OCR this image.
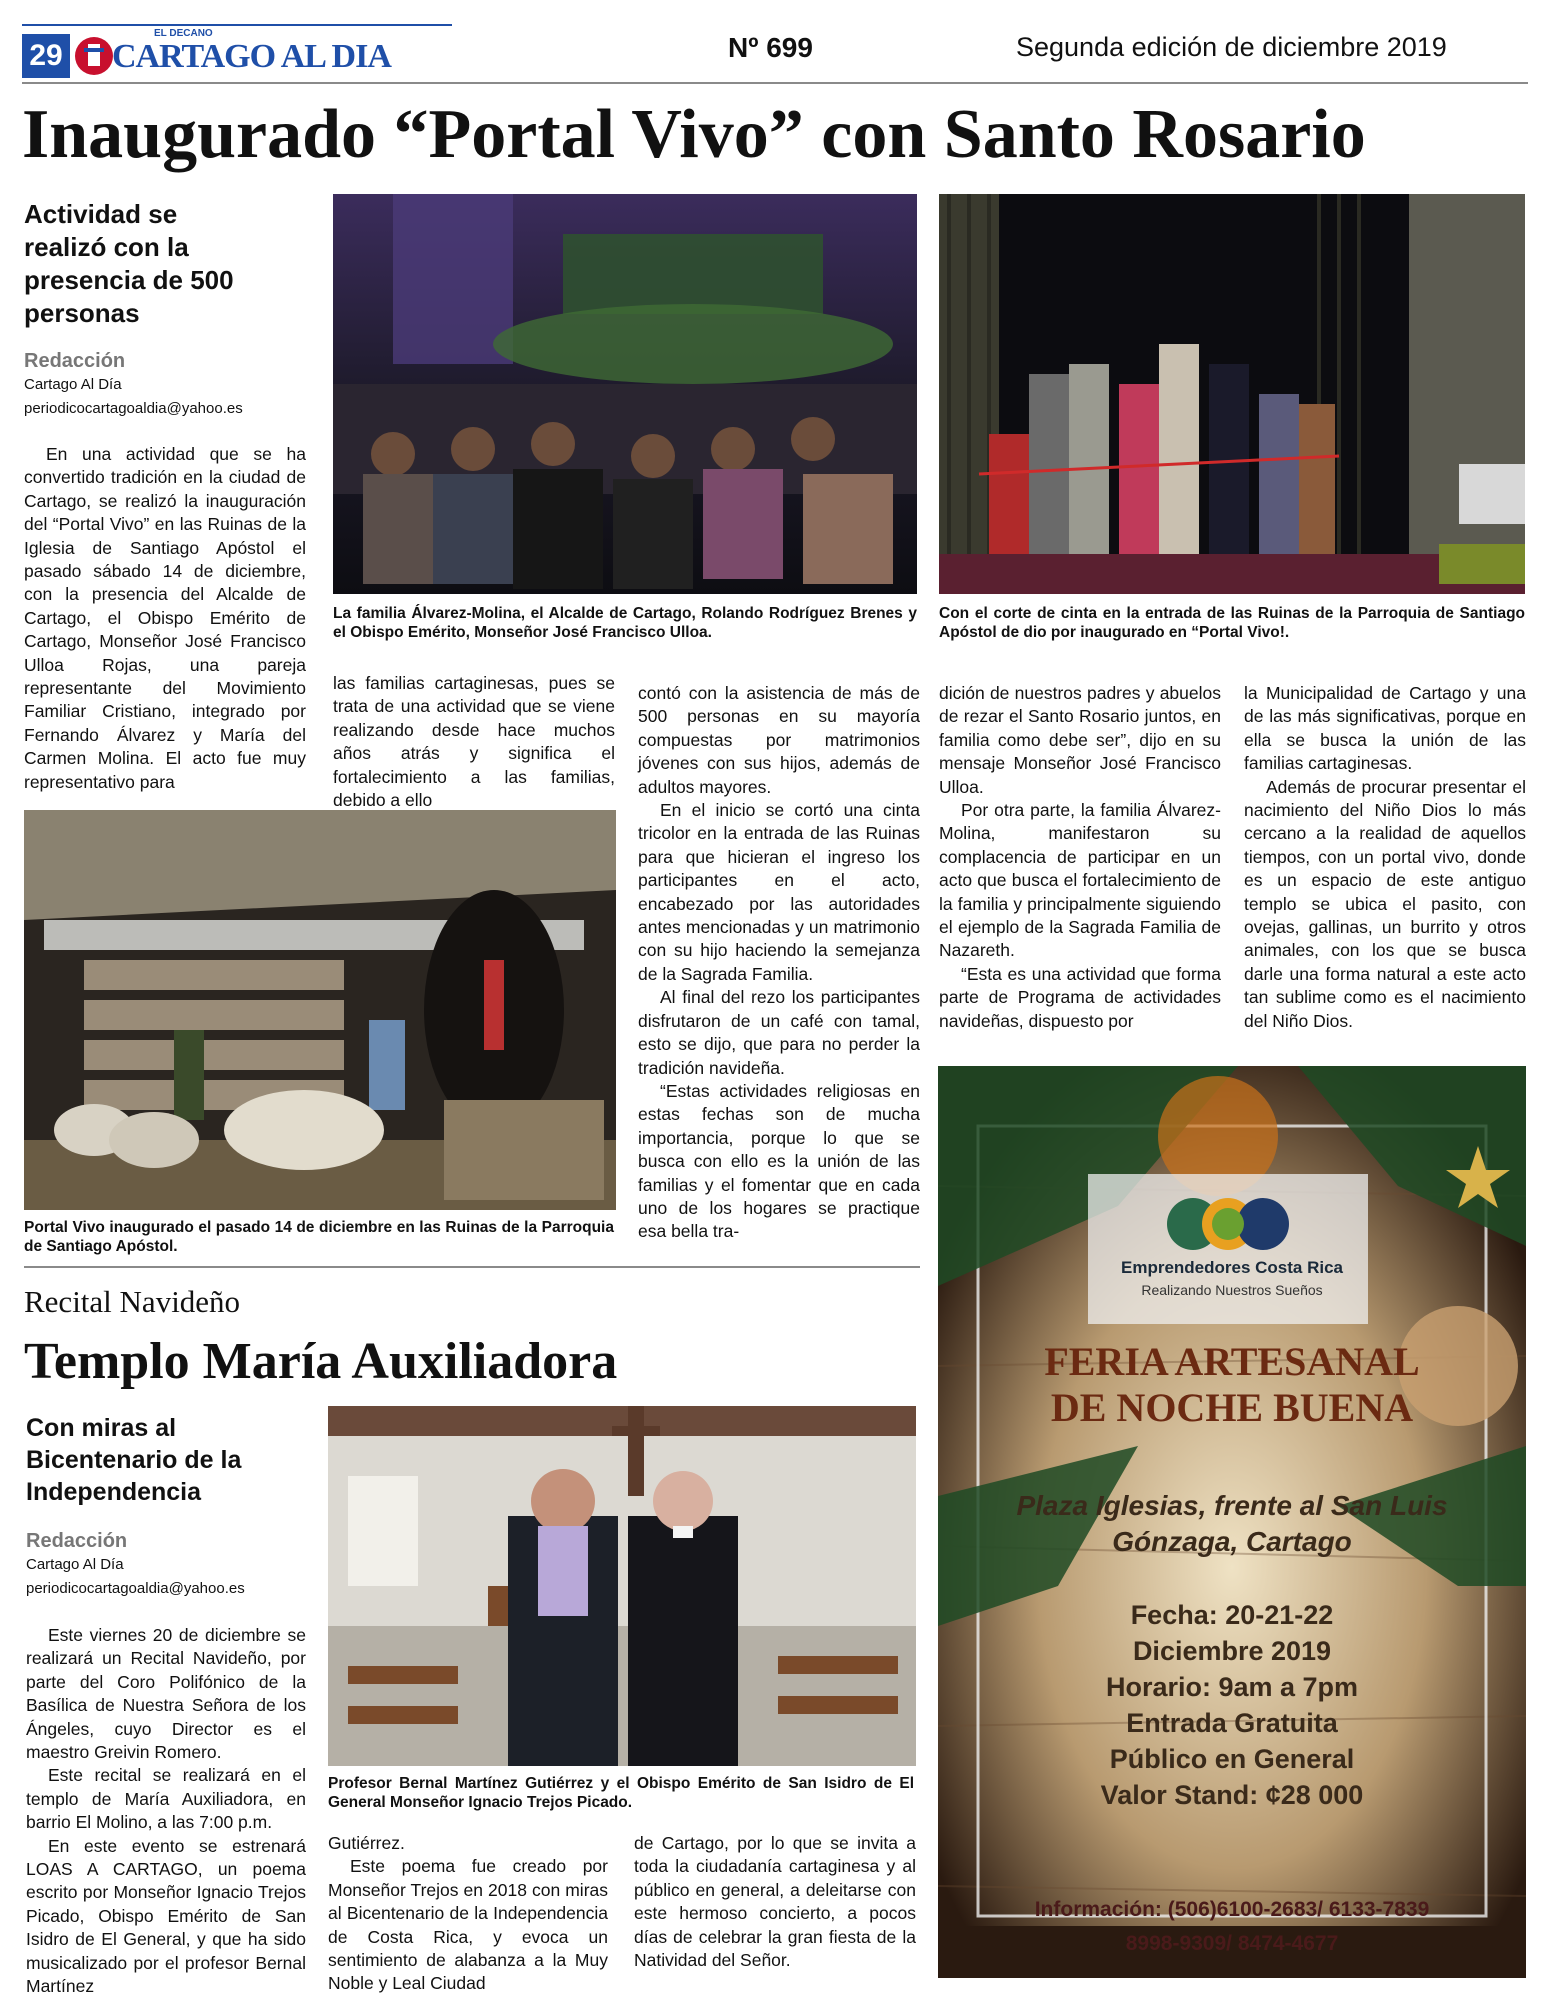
29
EL DECANO
CARTAGO AL DIA	Nº 699	Segunda edición de diciembre 2019
Inaugurado “Portal Vivo” con Santo Rosario
Actividad se realizó con la presencia de 500 personas
Redacción
Cartago Al Día
periodicocartagoaldia@yahoo.es

En una actividad que se ha convertido tradición en la ciudad de Cartago, se realizó la inauguración del “Portal Vivo” en las Ruinas de la Iglesia de Santiago Apóstol el pasado sábado 14 de diciembre, con la presencia del Alcalde de Cartago, el Obispo Emérito de Cartago, Monseñor José Francisco Ulloa Rojas, una pareja representante del Movimiento Familiar Cristiano, integrado por Fernando Álvarez y María del Carmen Molina. El acto fue muy representativo para

La familia Álvarez-Molina, el Alcalde de Cartago, Rolando Rodríguez Brenes y el Obispo Emérito, Monseñor José Francisco Ulloa.
Con el corte de cinta en la entrada de las Ruinas de la Parroquia de Santiago Apóstol de dio por inaugurado en “Portal Vivo!.

las familias cartaginesas, pues se trata de una actividad que se viene realizando desde hace muchos años atrás y significa el fortalecimiento a las familias, debido a ello

Portal Vivo inaugurado el pasado 14 de diciembre en las Ruinas de la Parroquia de Santiago Apóstol.

contó con la asistencia de más de 500 personas en su mayoría compuestas por matrimonios jóvenes con sus hijos, además de adultos mayores.

En el inicio se cortó una cinta tricolor en la entrada de las Ruinas para que hicieran el ingreso los participantes en el acto, encabezado por las autoridades antes mencionadas y un matrimonio con su hijo haciendo la semejanza de la Sagrada Familia.

Al final del rezo los participantes disfrutaron de un café con tamal, esto se dijo, que para no perder la tradición navideña.

“Estas actividades religiosas en estas fechas son de mucha importancia, porque lo que se busca con ello es la unión de las familias y el fomentar que en cada uno de los hogares se practique esa bella tra-

dición de nuestros padres y abuelos de rezar el Santo Rosario juntos, en familia como debe ser”, dijo en su mensaje Monseñor José Francisco Ulloa.

Por otra parte, la familia Álvarez-Molina, manifestaron su complacencia de participar en un acto que busca el fortalecimiento de la familia y principalmente siguiendo el ejemplo de la Sagrada Familia de Nazareth.

“Esta es una actividad que forma parte de Programa de actividades navideñas, dispuesto por

la Municipalidad de Cartago y una de las más significativas, porque en ella se busca la unión de las familias cartaginesas.

Además de procurar presentar el nacimiento del Niño Dios lo más cercano a la realidad de aquellos tiempos, con un portal vivo, donde es un espacio de este antiguo templo se ubica el pasito, con ovejas, gallinas, un burrito y otros animales, con los que se busca darle una forma natural a este acto tan sublime como es el nacimiento del Niño Dios.

Recital Navideño
Templo María Auxiliadora
Con miras al Bicentenario de la Independencia
Redacción
Cartago Al Día
periodicocartagoaldia@yahoo.es
Profesor Bernal Martínez Gutiérrez y el Obispo Emérito de San Isidro de El General Monseñor Ignacio Trejos Picado.

Este viernes 20 de diciembre se realizará un Recital Navideño, por parte del Coro Polifónico de la Basílica de Nuestra Señora de los Ángeles, cuyo Director es el maestro Greivin Romero.

Este recital se realizará en el templo de María Auxiliadora, en barrio El Molino, a las 7:00 p.m.

En este evento se estrenará LOAS A CARTAGO, un poema escrito por Monseñor Ignacio Trejos Picado, Obispo Emérito de San Isidro de El General, y que ha sido musicalizado por el profesor Bernal Martínez

Gutiérrez.

Este poema fue creado por Monseñor Trejos en 2018 con miras al Bicentenario de la Independencia de Costa Rica, y evoca un sentimiento de alabanza a la Muy Noble y Leal Ciudad

de Cartago, por lo que se invita a toda la ciudadanía cartaginesa y al público en general, a deleitarse con este hermoso concierto, a pocos días de celebrar la gran fiesta de la Natividad del Señor.

Emprendedores Costa Rica
Realizando Nuestros Sueños
FERIA ARTESANAL
DE NOCHE BUENA
Plaza Iglesias, frente al San Luis
Gónzaga, Cartago
Fecha: 20-21-22
Diciembre 2019
Horario: 9am a 7pm
Entrada Gratuita
Público en General
Valor Stand: ¢28 000
Información: (506)6100-2683/ 6133-7839
8998-9309/ 8474-4677
